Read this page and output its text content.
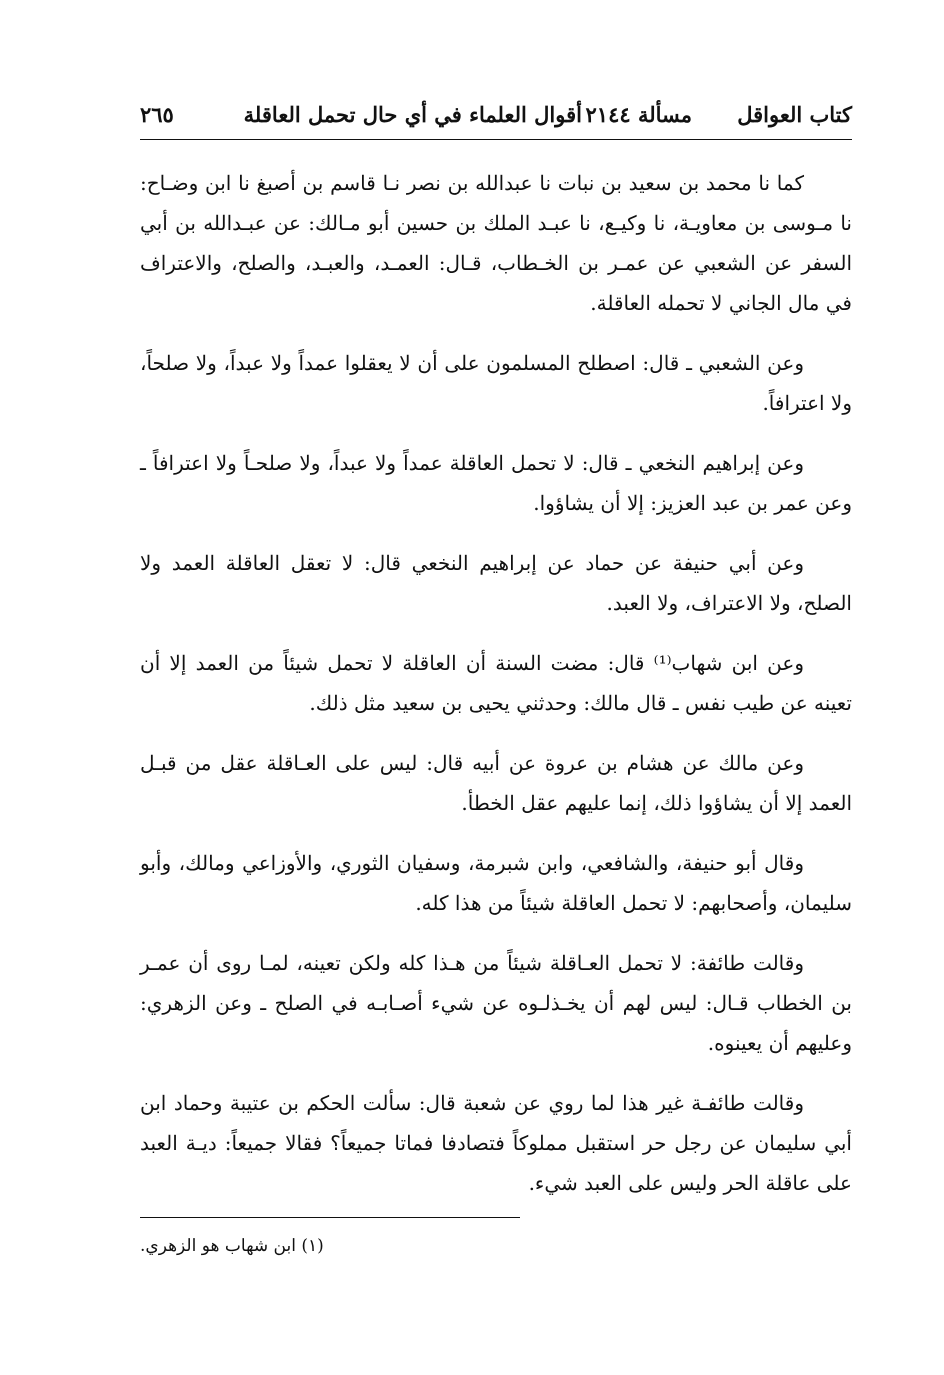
كتاب العواقل
مسألة ٢١٤٤
أقوال العلماء في أي حال تحمل العاقلة
٢٦٥

كما نا محمد بن سعيد بن نبات نا عبدالله بن نصر نـا قاسم بن أصبغ نا ابن وضـاح: نا مـوسى بن معاويـة، نا وكيـع، نا عبـد الملك بن حسين أبو مـالك: عن عبـدالله بن أبي السفر عن الشعبي عن عمـر بن الخـطاب، قـال: العمـد، والعبـد، والصلح، والاعتراف في مال الجاني لا تحمله العاقلة.

وعن الشعبي ـ قال: اصطلح المسلمون على أن لا يعقلوا عمداً ولا عبداً، ولا صلحاً، ولا اعترافاً.

وعن إبراهيم النخعي ـ قال: لا تحمل العاقلة عمداً ولا عبداً، ولا صلحـاً ولا اعترافاً ـ وعن عمر بن عبد العزيز: إلا أن يشاؤوا.

وعن أبي حنيفة عن حماد عن إبراهيم النخعي قال: لا تعقل العاقلة العمد ولا الصلح، ولا الاعتراف، ولا العبد.

وعن ابن شهاب⁽¹⁾ قال: مضت السنة أن العاقلة لا تحمل شيئاً من العمد إلا أن تعينه عن طيب نفس ـ قال مالك: وحدثني يحيى بن سعيد مثل ذلك.

وعن مالك عن هشام بن عروة عن أبيه قال: ليس على العـاقلة عقل من قبـل العمد إلا أن يشاؤوا ذلك، إنما عليهم عقل الخطأ.

وقال أبو حنيفة، والشافعي، وابن شبرمة، وسفيان الثوري، والأوزاعي ومالك، وأبو سليمان، وأصحابهم: لا تحمل العاقلة شيئاً من هذا كله.

وقالت طائفة: لا تحمل العـاقلة شيئاً من هـذا كله ولكن تعينه، لمـا روى أن عمـر بن الخطاب قـال: ليس لهم أن يخـذلـوه عن شيء أصـابـه في الصلح ـ وعن الزهري: وعليهم أن يعينوه.

وقالت طائفـة غير هذا لما روي عن شعبة قال: سألت الحكم بن عتيبة وحماد ابن أبي سليمان عن رجل حر استقبل مملوكاً فتصادفا فماتا جميعاً؟ فقالا جميعاً: ديـة العبد على عاقلة الحر وليس على العبد شيء.

(١) ابن شهاب هو الزهري.
